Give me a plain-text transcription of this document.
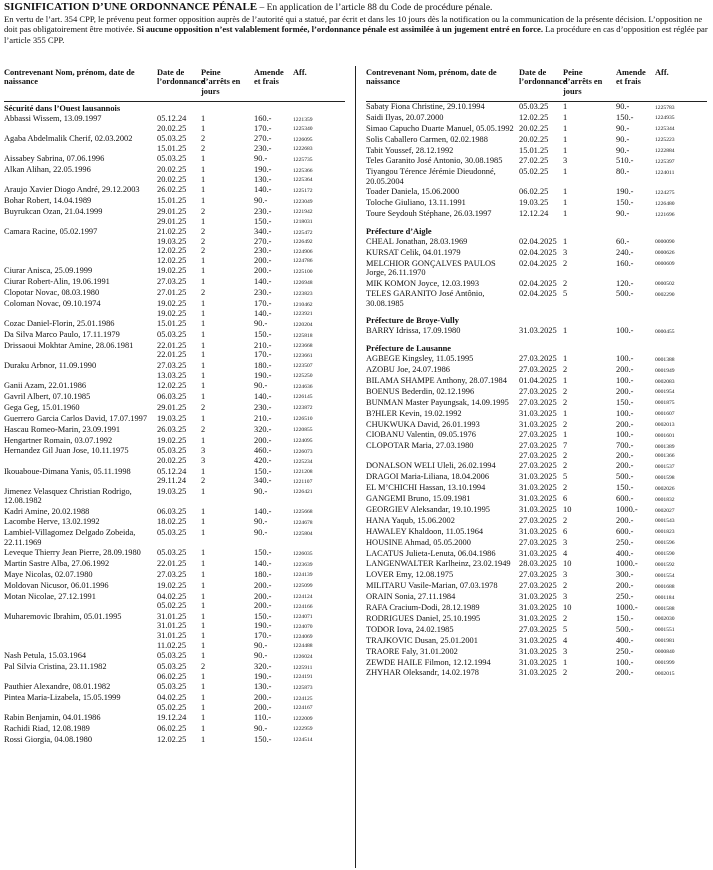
SIGNIFICATION D’UNE ORDONNANCE PÉNALE – En application de l’article 88 du Code de procédure pénale.
En vertu de l’art. 354 CPP, le prévenu peut former opposition auprès de l’autorité qui a statué, par écrit et dans les 10 jours dès la notification ou la communication de la présente décision. L’opposition ne doit pas obligatoirement être motivée. Si aucune opposition n’est valablement formée, l’ordonnance pénale est assimilée à un jugement entré en force. La procédure en cas d’opposition est réglée par l’article 355 CPP.
Contrevenant Nom, prénom, date de naissance
Date de l’ordonnance
Peine d’arrêts en jours
Amende et frais
Aff.
Sécurité dans l’Ouest lausannois
Abbassi Wissem, 13.09.1997	05.12.24 1	160.-	1221359
20.02.25 1	170.-	1225340
Agaba Abdelmalik Cherif, 02.03.2002	05.03.25 2	270.-	1226095
15.01.25 2	230.-	1222683
Aissabey Sabrina, 07.06.1996	05.03.25 1	90.-	1225735
Alkan Alihan, 22.05.1996	20.02.25 1	190.-	1225366
20.02.25 1	130.-	1225364
Araujo Xavier Diogo André, 29.12.2003	26.02.25 1	140.-	1225172
Bohar Robert, 14.04.1989	15.01.25 1	90.-	1223049
Buyrukcan Ozan, 21.04.1999	29.01.25 2	230.-	1221942
29.01.25 1	150.-	1218031
Camara Racine, 05.02.1997	21.02.25 2	340.-	1225472
19.03.25 2	270.-	1226492
12.02.25 2	230.-	1224906
12.02.25 1	200.-	1224786
Ciurar Anisca, 25.09.1999	19.02.25 1	200.-	1225100
Ciurar Robert-Alin, 19.06.1991	27.03.25 1	140.-	1226948
Clopotar Novac, 08.03.1980	27.01.25 2	230.-	1223823
Coloman Novac, 09.10.1974	19.02.25 1	170.-	1210462
19.02.25 1	140.-	1223921
Cozac Daniel-Florin, 25.01.1986	15.01.25 1	90.-	1220204
Da Silva Marco Paulo, 17.11.1979	05.03.25 1	150.-	1225818
Drissaoui Mokhtar Amine, 28.06.1981	22.01.25 1	210.-	1223668
22.01.25 1	170.-	1223661
Duraku Arbnor, 11.09.1990	27.03.25 1	180.-	1223507
13.03.25 1	190.-	1225250
Ganii Azam, 22.01.1986	12.02.25 1	90.-	1224636
Gavril Albert, 07.10.1985	06.03.25 1	140.-	1226145
Gega Geg, 15.01.1960	29.01.25 2	230.-	1223872
Guerrero Garcia Carlos David, 17.07.1997	19.03.25 1	210.-	1226510
Hascau Romeo-Marin, 23.09.1991	26.03.25 2	320.-	1220855
Hengartner Romain, 03.07.1992	19.02.25 1	200.-	1224095
Hernandez Gil Juan Jose, 10.11.1975	05.03.25 3	460.-	1226073
20.02.25 3	420.-	1225234
Ikouaboue-Dimana Yanis, 05.11.1998	05.12.24 1	150.-	1221208
29.11.24 2	340.-	1221107
Jimenez Velasquez Christian Rodrigo, 12.08.1982
19.03.25 1	90.-	1226421
Kadri Amine, 20.02.1988	06.03.25 1	140.-	1225668
Lacombe Herve, 13.02.1992	18.02.25 1	90.-	1224678
Lambiel-Villagomez Delgado Zobeida, 22.11.1969
05.03.25 1	90.-	1225804
Leveque Thierry Jean Pierre, 28.09.1980	05.03.25 1	150.-	1226035
Martin Sastre Alba, 27.06.1992	22.01.25 1	140.-	1223639
Maye Nicolas, 02.07.1980	27.03.25 1	180.-	1224139
Moldovan Nicusor, 06.01.1996	19.02.25 1	200.-	1225099
Motan Nicolae, 27.12.1991	04.02.25 1	200.-	1224124
05.02.25 1	200.-	1224166
Muharemovic Ibrahim, 05.01.1995	31.01.25 1	150.-	1224071
31.01.25 1	190.-	1224070
31.01.25 1	170.-	1224069
11.02.25 1	90.-	1224488
Nash Petula, 15.03.1964	05.03.25 1	90.-	1226024
Pal Silvia Cristina, 23.11.1982	05.03.25 2	320.-	1225911
06.02.25 1	190.-	1224191
Pauthier Alexandre, 08.01.1982	05.03.25 1	130.-	1225873
Pintea Maria-Lizabela, 15.05.1999	04.02.25 1	200.-	1224125
05.02.25 1	200.-	1224167
Rabin Benjamin, 04.01.1986	19.12.24 1	110.-	1222009
Rachidi Riad, 12.08.1989	06.02.25 1	90.-	1222959
Rossi Giorgia, 04.08.1980	12.02.25 1	150.-	1224514
Contrevenant Nom, prénom, date de naissance
Date de l’ordonnance
Peine d’arrêts en jours
Amende et frais
Aff.
Sabaty Fiona Christine, 29.10.1994	05.03.25 1	90.-	1225783
Saidi Ilyas, 20.07.2000	12.02.25 1	150.-	1224935
Simao Capucho Duarte Manuel, 05.05.1992 20.02.25 1	90.-	1225344
Solis Caballero Carmen, 02.02.1988	20.02.25 1	90.-	1225223
Tabit Youssef, 28.12.1992	15.01.25 1	90.-	1222884
Teles Garanito José Antonio, 30.08.1985	27.02.25 3	510.-	1225397
Tiyangou Térence Jérémie Dieudonné, 20.05.2004
05.02.25 1	80.-	1224011
Toader Daniela, 15.06.2000	06.02.25 1	190.-	1224275
Toloche Giuliano, 13.11.1991	19.03.25 1	150.-	1226480
Toure Seydouh Stéphane, 26.03.1997	12.12.24 1	90.-	1221696
Préfecture d’Aigle
CHEAL Jonathan, 28.03.1969	02.04.2025 1	60.-	0000090
KURSAT Celik, 04.01.1979	02.04.2025 3	240.-	0000626
MELCHIOR GONÇALVES PAULOS Jorge, 26.11.1970
02.04.2025 2	160.-	0000609
MIK KOMON Joyce, 12.03.1993	02.04.2025 2	120.-	0000502
TELES GARANITO José Antônio, 30.08.1985
02.04.2025 5	500.-	0002290
Préfecture de Broye-Vully
BARRY Idrissa, 17.09.1980	31.03.2025 1	100.-	0000455
Préfecture de Lausanne
AGBEGE Kingsley, 11.05.1995	27.03.2025 1	100.-	0001388
AZOBU Joe, 24.07.1986	27.03.2025 2	200.-	0001949
BILAMA SHAMPE Anthony, 28.07.1984	01.04.2025 1	100.-	0002083
BOENUS Bederdin, 02.12.1996	27.03.2025 2	200.-	0001954
BUNMAN Master Payungsak, 14.09.1995	27.03.2025 2	150.-	0001875
B?HLER Kevin, 19.02.1992	31.03.2025 1	100.-	0001607
CHUKWUKA David, 26.01.1993	31.03.2025 2	200.-	0002013
CIOBANU Valentin, 09.05.1976	27.03.2025 1	100.-	0001601
CLOPOTAR Maria, 27.03.1980	27.03.2025 7	700.-	0001389
27.03.2025 2	200.-	0001366
DONALSON WELI Uleli, 26.02.1994	27.03.2025 2	200.-	0001537
DRAGOI Maria-Liliana, 18.04.2006	31.03.2025 5	500.-	0001598
EL M’CHICHI Hassan, 13.10.1994	31.03.2025 2	150.-	0002026
GANGEMI Bruno, 15.09.1981	31.03.2025 6	600.-	0001832
GEORGIEV Aleksandar, 19.10.1995	31.03.2025 10	1000.-	0002027
HANA Yaqub, 15.06.2002	27.03.2025 2	200.-	0001543
HAWALEY Khaldoon, 11.05.1964	31.03.2025 6	600.-	0001823
HOUSINE Ahmad, 05.05.2000	27.03.2025 3	250.-	0001596
LACATUS Julieta-Lenuta, 06.04.1986	31.03.2025 4	400.-	0001590
LANGENWALTER Karlheinz, 23.02.1949 28.03.2025 10	1000.-	0001592
LOVER Emy, 12.08.1975	27.03.2025 3	300.-	0001554
MILITARU Vasile-Marian, 07.03.1978	27.03.2025 2	200.-	0001688
ORAIN Sonia, 27.11.1984	31.03.2025 3	250.-	0001184
RAFA Cracium-Dodi, 28.12.1989	31.03.2025 10	1000.-	0001588
RODRIGUES Daniel, 25.10.1995	31.03.2025 2	150.-	0002030
TODOR Iova, 24.02.1985	27.03.2025 5	500.-	0001551
TRAJKOVIC Dusan, 25.01.2001	31.03.2025 4	400.-	0001981
TRAORE Faly, 31.01.2002	31.03.2025 3	250.-	0000840
ZEWDE HAILE Filmon, 12.12.1994	31.03.2025 1	100.-	0001999
ZHYHAR Oleksandr, 14.02.1978	31.03.2025 2	200.-	0002015
